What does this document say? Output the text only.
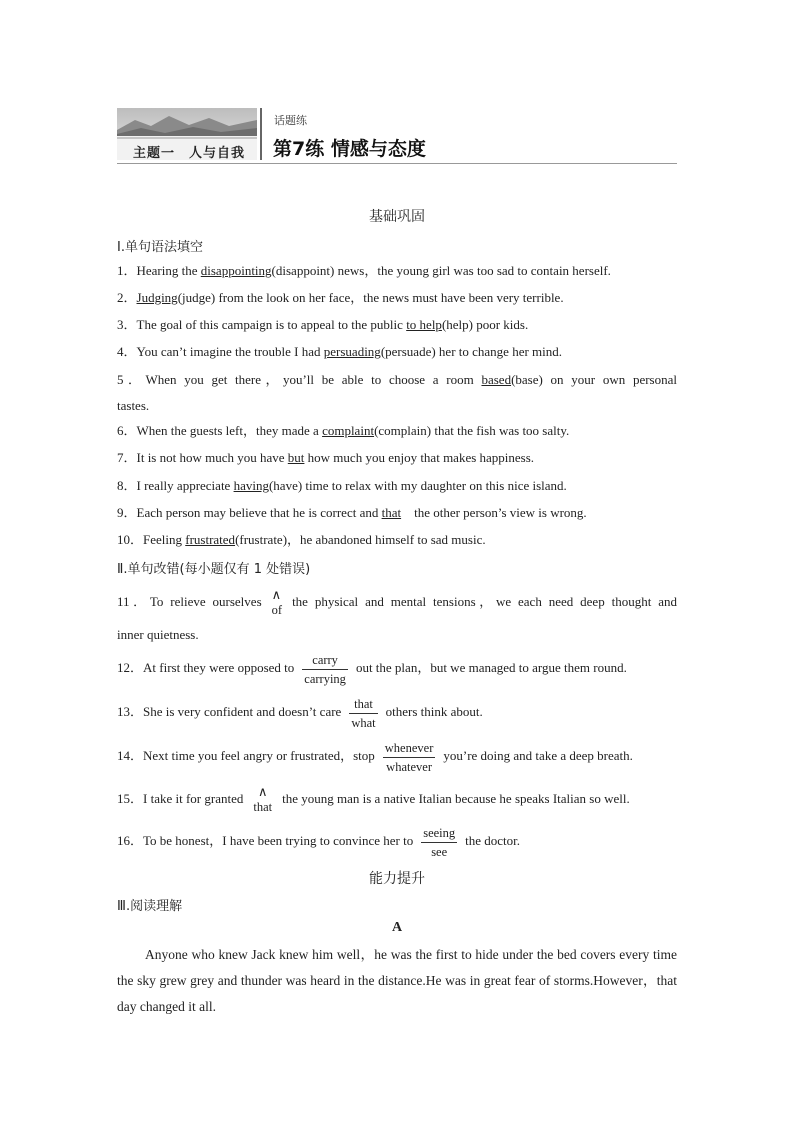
主题一　人与自我
话题练
第7练 情感与态度
基础巩固
Ⅰ.单句语法填空
1．Hearing the disappointing(disappoint) news，the young girl was too sad to contain herself.
2．Judging(judge) from the look on her face，the news must have been very terrible.
3．The goal of this campaign is to appeal to the public to help(help) poor kids.
4．You can’t imagine the trouble I had persuading(persuade) her to change her mind.
5．When you get there，you’ll be able to choose a room based(base) on your own personal
tastes.
6．When the guests left，they made a complaint(complain) that the fish was too salty.
7．It is not how much you have but how much you enjoy that makes happiness.
8．I really appreciate having(have) time to relax with my daughter on this nice island.
9．Each person may believe that he is correct and that　the other person’s view is wrong.
10．Feeling frustrated(frustrate)，he abandoned himself to sad music.
Ⅱ.单句改错(每小题仅有 1 处错误)
11．To relieve ourselves ∧
of
the physical and mental tensions，we each need deep thought and
inner quietness.
12．At first they were opposed to
carry
carrying
out the plan，but we managed to argue them round.
13．She is very confident and doesn’t care
that
what
others think about.
14．Next time you feel angry or frustrated，stop
whenever
whatever
you’re doing and take a deep breath.
15．I take it for granted	∧
that
the young man is a native Italian because he speaks Italian so well.
16．To be honest，I have been trying to convince her to
seeing
see
the doctor.
能力提升
Ⅲ.阅读理解
A
Anyone who knew Jack knew him well，he was the first to hide under the bed covers every time the sky grew grey and thunder was heard in the distance.He was in great fear of storms.However，that day changed it all.
